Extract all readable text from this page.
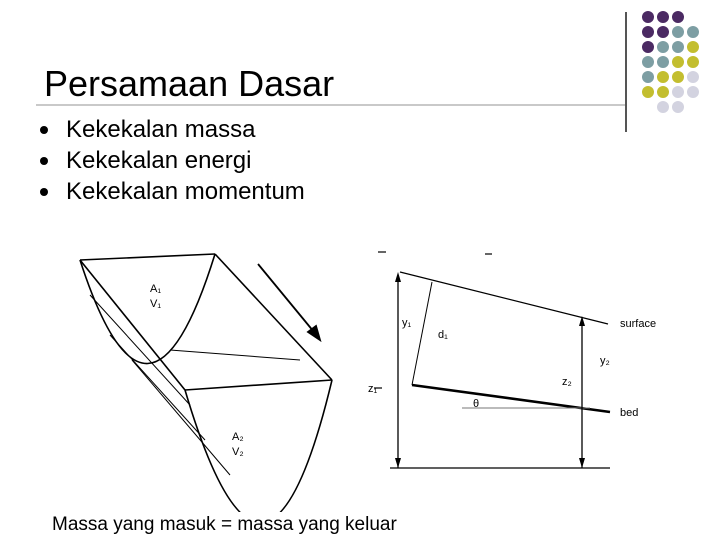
Persamaan Dasar
Kekekalan massa
Kekekalan energi
Kekekalan momentum
A₁
V₁
A₂
V₂
y₁
d₁
z₁
z₂
y₂
θ
surface
bed
Massa yang masuk = massa yang keluar
